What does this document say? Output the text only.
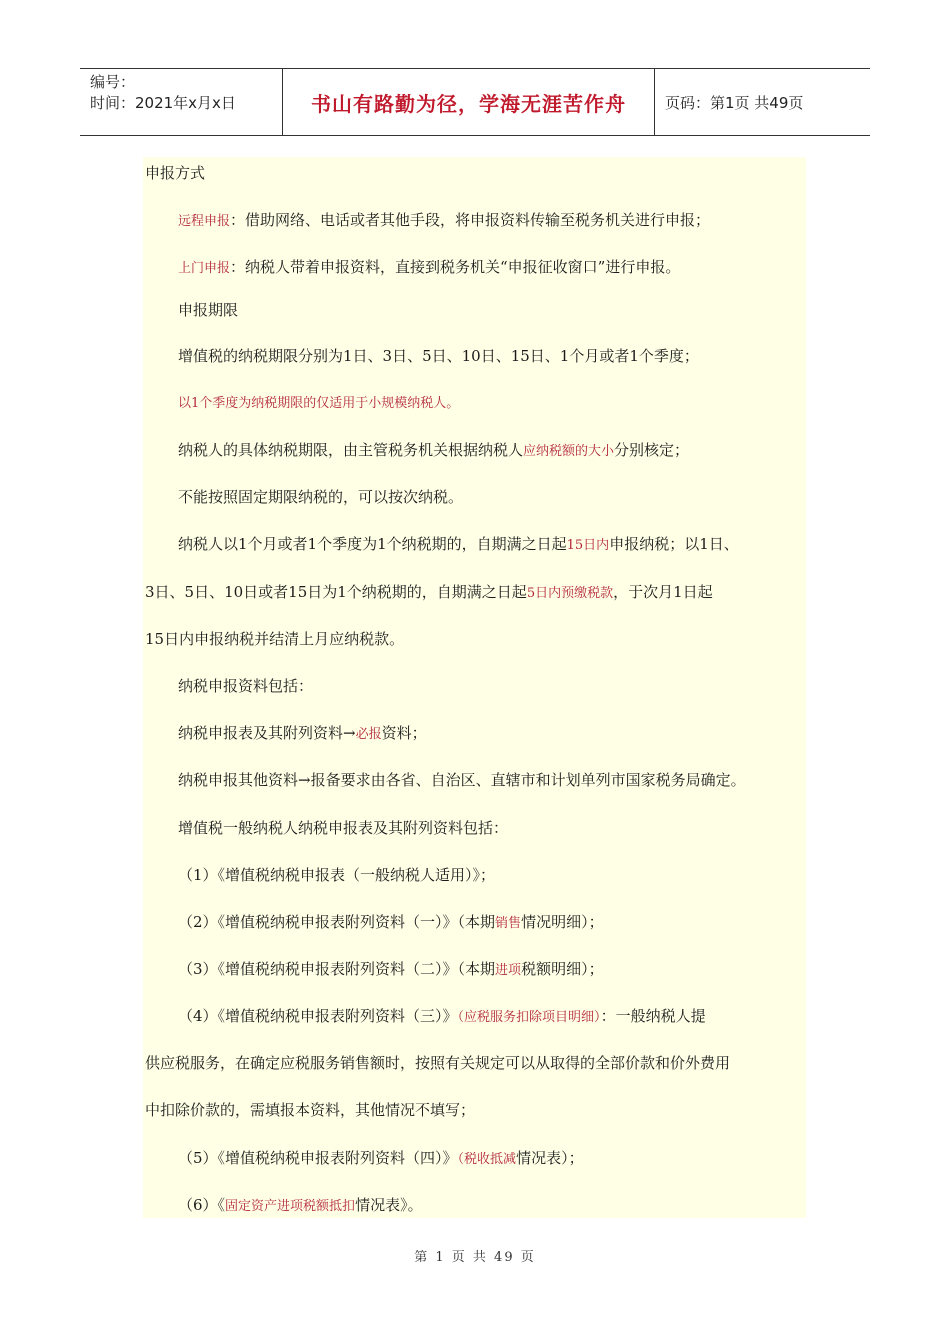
编号：
时间：2021年x月x日	书山有路勤为径，学海无涯苦作舟	页码：第1页 共49页
申报方式
远程申报：借助网络、电话或者其他手段，将申报资料传输至税务机关进行申报；
上门申报：纳税人带着申报资料，直接到税务机关“申报征收窗口”进行申报。
申报期限
增值税的纳税期限分别为1日、3日、5日、10日、15日、1个月或者1个季度；
以1个季度为纳税期限的仅适用于小规模纳税人。
纳税人的具体纳税期限，由主管税务机关根据纳税人应纳税额的大小分别核定；
不能按照固定期限纳税的，可以按次纳税。
纳税人以1个月或者1个季度为1个纳税期的，自期满之日起15日内申报纳税；以1日、
3日、5日、10日或者15日为1个纳税期的，自期满之日起5日内预缴税款，于次月1日起
15日内申报纳税并结清上月应纳税款。
纳税申报资料包括：
纳税申报表及其附列资料→必报资料；
纳税申报其他资料→报备要求由各省、自治区、直辖市和计划单列市国家税务局确定。
增值税一般纳税人纳税申报表及其附列资料包括：
（1）《增值税纳税申报表（一般纳税人适用）》；
（2）《增值税纳税申报表附列资料（一）》（本期销售情况明细）；
（3）《增值税纳税申报表附列资料（二）》（本期进项税额明细）；
（4）《增值税纳税申报表附列资料（三）》（应税服务扣除项目明细）：一般纳税人提
供应税服务，在确定应税服务销售额时，按照有关规定可以从取得的全部价款和价外费用
中扣除价款的，需填报本资料，其他情况不填写；
（5）《增值税纳税申报表附列资料（四）》（税收抵减情况表）；
（6）《固定资产进项税额抵扣情况表》。
第 1 页 共 49 页
